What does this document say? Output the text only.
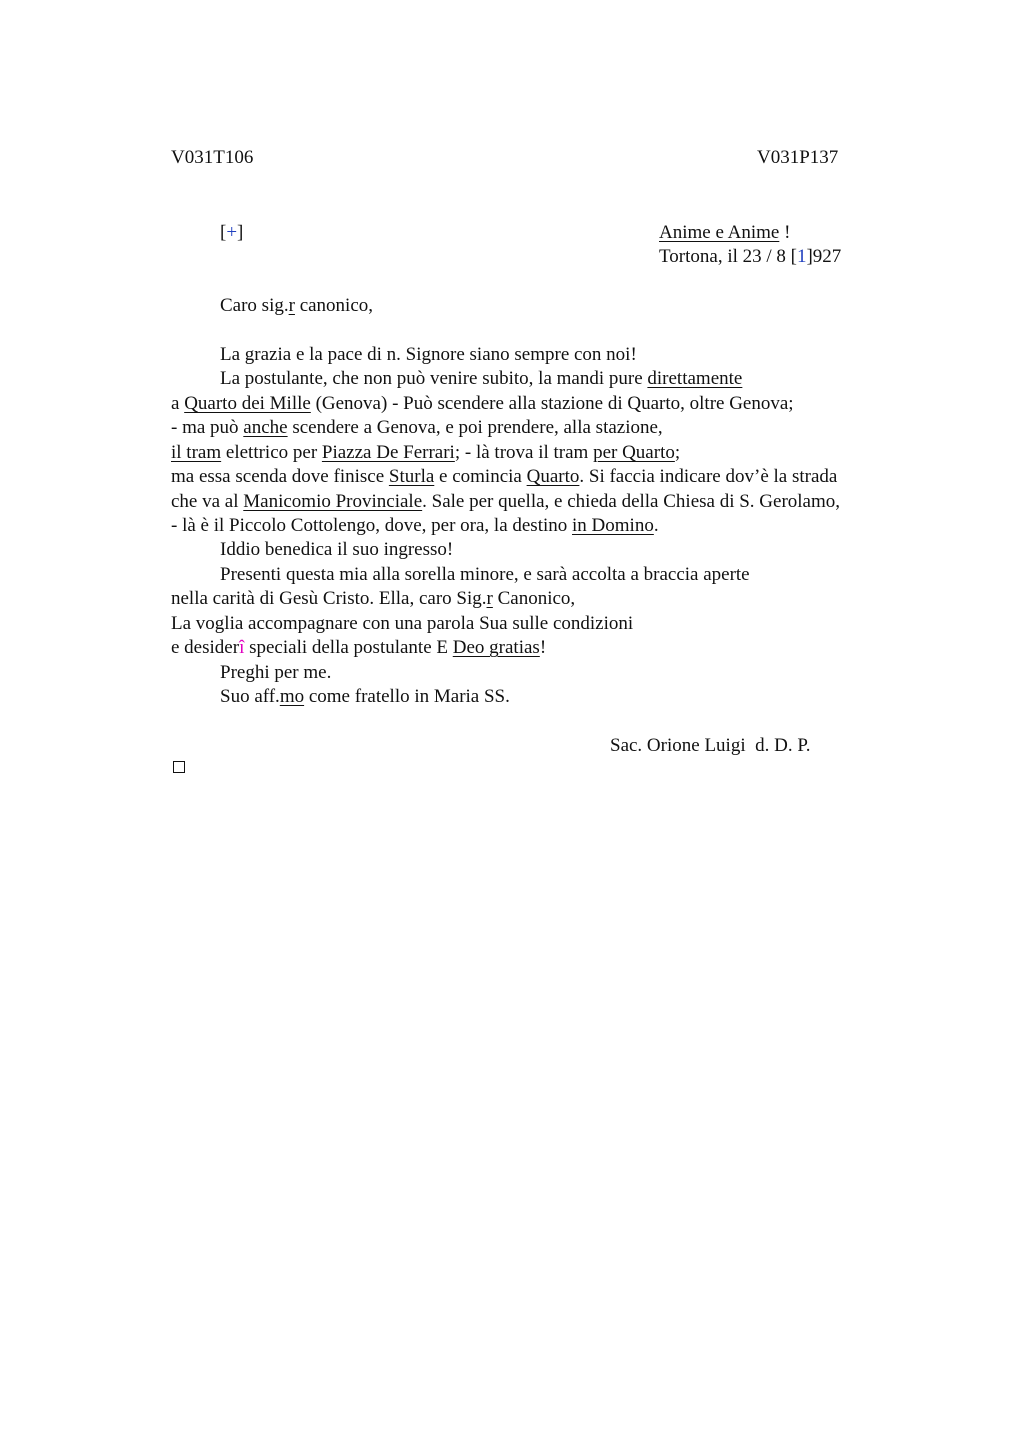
V031T106	V031P137
[+]	Anime e Anime !
Tortona, il 23 / 8 [1]927
Caro sig.r canonico,
La grazia e la pace di n. Signore siano sempre con noi!
La postulante, che non può venire subito, la mandi pure direttamente
a Quarto dei Mille (Genova) - Può scendere alla stazione di Quarto, oltre Genova;
- ma può anche scendere a Genova, e poi prendere, alla stazione,
il tram elettrico per Piazza De Ferrari; - là trova il tram per Quarto;
ma essa scenda dove finisce Sturla e comincia Quarto. Si faccia indicare dov’è la strada
che va al Manicomio Provinciale. Sale per quella, e chieda della Chiesa di S. Gerolamo,
- là è il Piccolo Cottolengo, dove, per ora, la destino in Domino.
Iddio benedica il suo ingresso!
Presenti questa mia alla sorella minore, e sarà accolta a braccia aperte
nella carità di Gesù Cristo. Ella, caro Sig.r Canonico,
La voglia accompagnare con una parola Sua sulle condizioni
e desiderî speciali della postulante E Deo gratias!
Preghi per me.
Suo aff.mo come fratello in Maria SS.
Sac. Orione Luigi  d. D. P.
